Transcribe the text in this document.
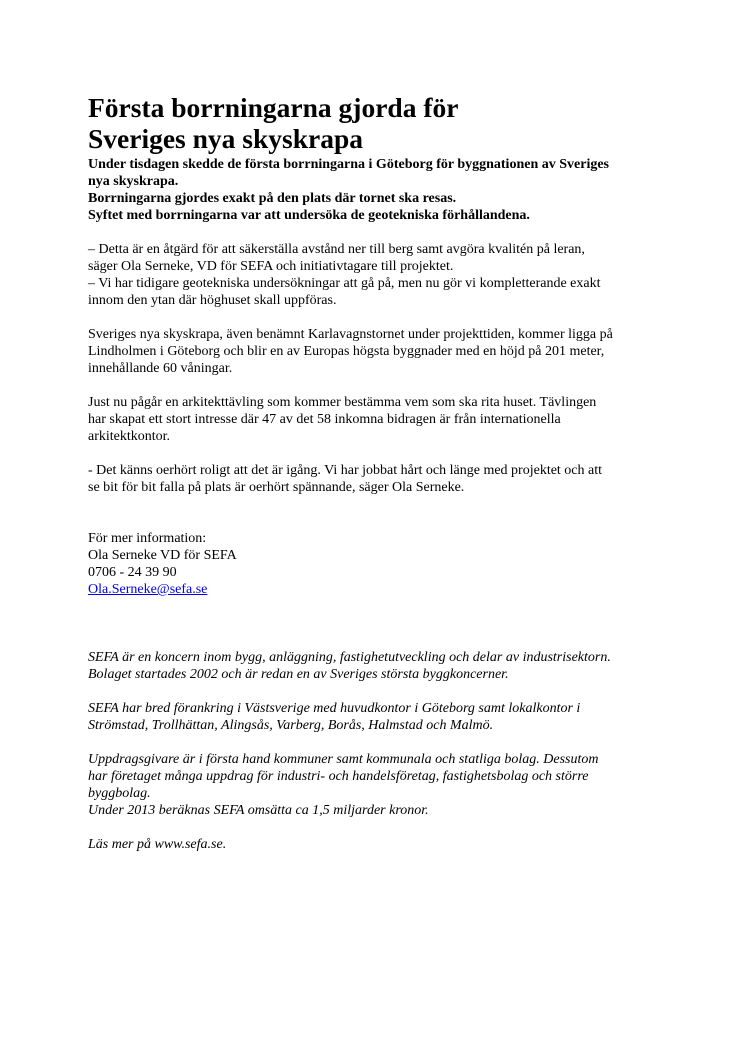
Första borrningarna gjorda för
Sveriges nya skyskrapa

Under tisdagen skedde de första borrningarna i Göteborg för byggnationen av Sveriges
nya skyskrapa.
Borrningarna gjordes exakt på den plats där tornet ska resas.
Syftet med borrningarna var att undersöka de geotekniska förhållandena.

– Detta är en åtgärd för att säkerställa avstånd ner till berg samt avgöra kvalitén på leran,
säger Ola Serneke, VD för SEFA och initiativtagare till projektet.
– Vi har tidigare geotekniska undersökningar att gå på, men nu gör vi kompletterande exakt
innom den ytan där höghuset skall uppföras.

Sveriges nya skyskrapa, även benämnt Karlavagnstornet under projekttiden, kommer ligga på
Lindholmen i Göteborg och blir en av Europas högsta byggnader med en höjd på 201 meter,
innehållande 60 våningar.

Just nu pågår en arkitekttävling som kommer bestämma vem som ska rita huset. Tävlingen
har skapat ett stort intresse där 47 av det 58 inkomna bidragen är från internationella
arkitektkontor.

- Det känns oerhört roligt att det är igång. Vi har jobbat hårt och länge med projektet och att
se bit för bit falla på plats är oerhört spännande, säger Ola Serneke.

För mer information:
Ola Serneke VD för SEFA
0706 - 24 39 90
Ola.Serneke@sefa.se

SEFA är en koncern inom bygg, anläggning, fastighetutveckling och delar av industrisektorn.
Bolaget startades 2002 och är redan en av Sveriges största byggkoncerner.

SEFA har bred förankring i Västsverige med huvudkontor i Göteborg samt lokalkontor i
Strömstad, Trollhättan, Alingsås, Varberg, Borås, Halmstad och Malmö.

Uppdragsgivare är i första hand kommuner samt kommunala och statliga bolag. Dessutom
har företaget många uppdrag för industri- och handelsföretag, fastighetsbolag och större
byggbolag.
Under 2013 beräknas SEFA omsätta ca 1,5 miljarder kronor.

Läs mer på www.sefa.se.
